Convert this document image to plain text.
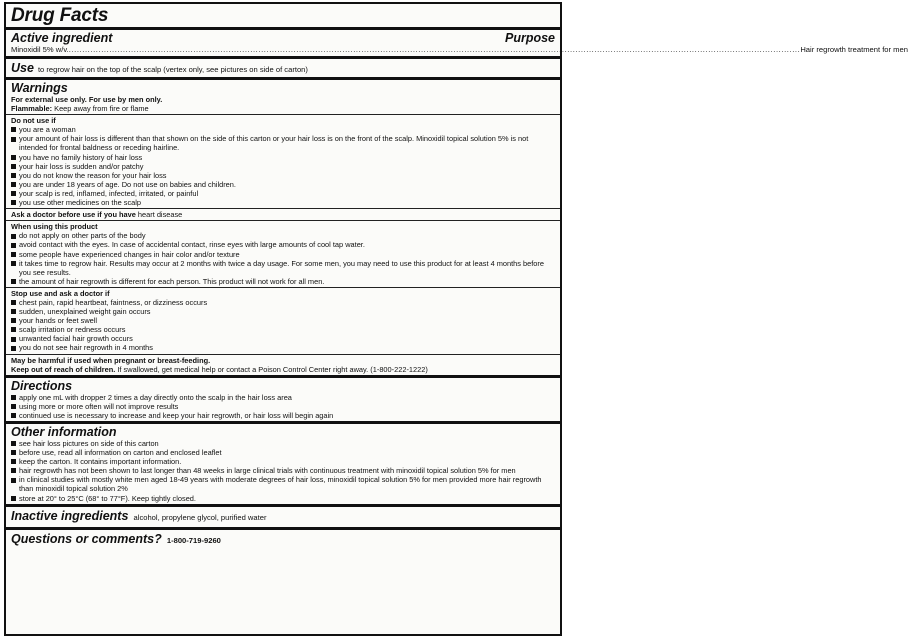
Drug Facts
Active ingredient	Purpose
Minoxidil 5% w/v. .............................................................................................................................................................................................................................................................................. Hair regrowth treatment for men
Use to regrow hair on the top of the scalp (vertex only, see pictures on side of carton)
Warnings
For external use only. For use by men only.
Flammable: Keep away from fire or flame
Do not use if
you are a woman
your amount of hair loss is different than that shown on the side of this carton or your hair loss is on the front of the scalp. Minoxidil topical solution 5% is not intended for frontal baldness or receding hairline.
you have no family history of hair loss
your hair loss is sudden and/or patchy
you do not know the reason for your hair loss
you are under 18 years of age. Do not use on babies and children.
your scalp is red, inflamed, infected, irritated, or painful
you use other medicines on the scalp
Ask a doctor before use if you have heart disease
When using this product
do not apply on other parts of the body
avoid contact with the eyes. In case of accidental contact, rinse eyes with large amounts of cool tap water.
some people have experienced changes in hair color and/or texture
it takes time to regrow hair. Results may occur at 2 months with twice a day usage. For some men, you may need to use this product for at least 4 months before you see results.
the amount of hair regrowth is different for each person. This product will not work for all men.
Stop use and ask a doctor if
chest pain, rapid heartbeat, faintness, or dizziness occurs
sudden, unexplained weight gain occurs
your hands or feet swell
scalp irritation or redness occurs
unwanted facial hair growth occurs
you do not see hair regrowth in 4 months
May be harmful if used when pregnant or breast-feeding.
Keep out of reach of children. If swallowed, get medical help or contact a Poison Control Center right away. (1-800-222-1222)
Directions
apply one mL with dropper 2 times a day directly onto the scalp in the hair loss area
using more or more often will not improve results
continued use is necessary to increase and keep your hair regrowth, or hair loss will begin again
Other information
see hair loss pictures on side of this carton
before use, read all information on carton and enclosed leaflet
keep the carton. It contains important information.
hair regrowth has not been shown to last longer than 48 weeks in large clinical trials with continuous treatment with minoxidil topical solution 5% for men
in clinical studies with mostly white men aged 18-49 years with moderate degrees of hair loss, minoxidil topical solution 5% for men provided more hair regrowth than minoxidil topical solution 2%
store at 20° to 25°C (68° to 77°F). Keep tightly closed.
Inactive ingredients alcohol, propylene glycol, purified water
Questions or comments? 1-800-719-9260
